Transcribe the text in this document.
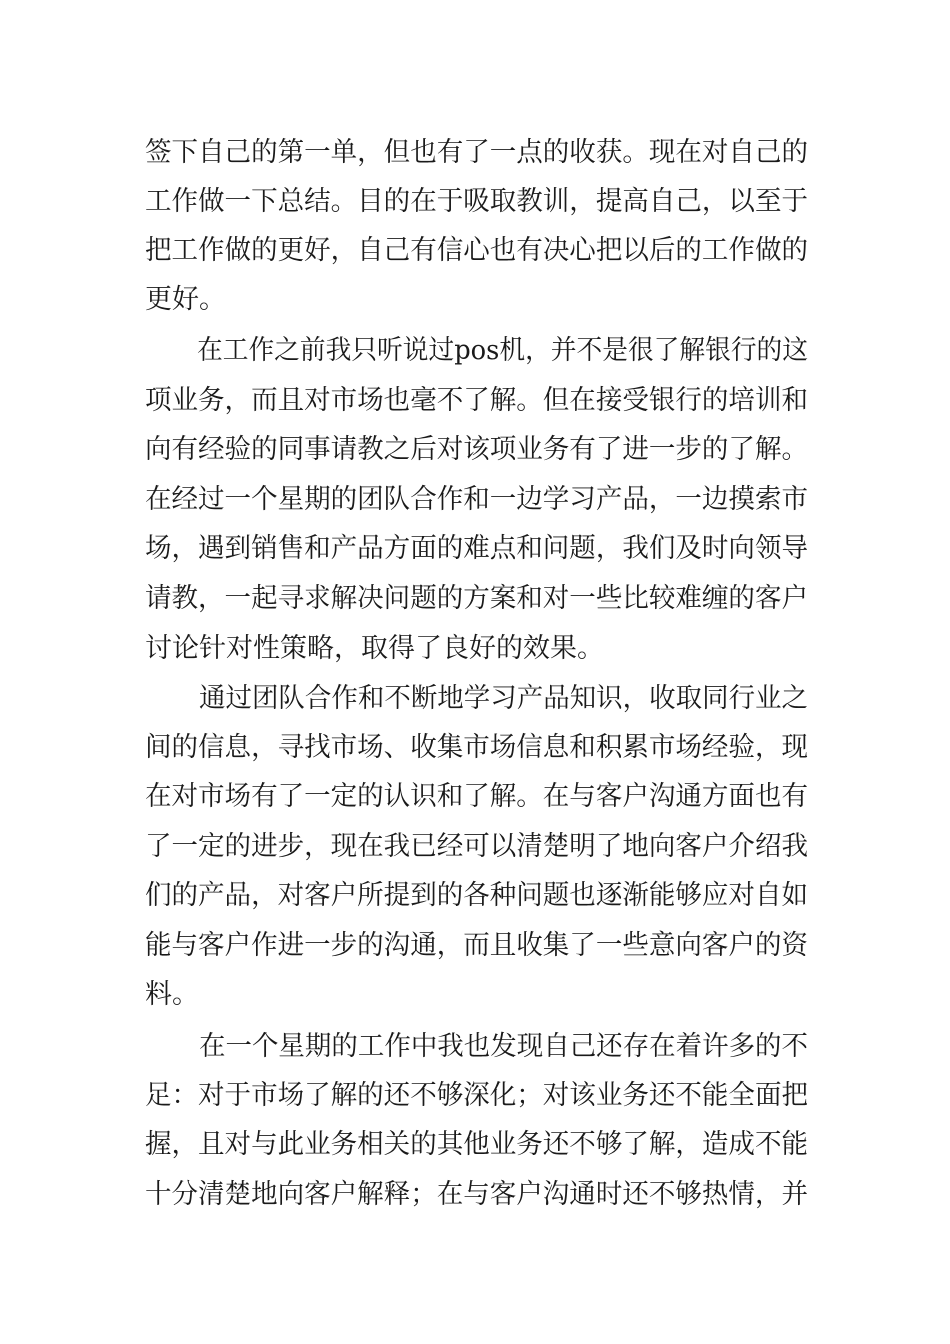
签下自己的第一单，但也有了一点的收获。现在对自己的
工作做一下总结。目的在于吸取教训，提高自己，以至于
把工作做的更好，自己有信心也有决心把以后的工作做的
更好。
在工作之前我只听说过pos机，并不是很了解银行的这
项业务，而且对市场也毫不了解。但在接受银行的培训和
向有经验的同事请教之后对该项业务有了进一步的了解。
在经过一个星期的团队合作和一边学习产品，一边摸索市
场，遇到销售和产品方面的难点和问题，我们及时向领导
请教，一起寻求解决问题的方案和对一些比较难缠的客户
讨论针对性策略，取得了良好的效果。
通过团队合作和不断地学习产品知识，收取同行业之
间的信息，寻找市场、收集市场信息和积累市场经验，现
在对市场有了一定的认识和了解。在与客户沟通方面也有
了一定的进步，现在我已经可以清楚明了地向客户介绍我
们的产品，对客户所提到的各种问题也逐渐能够应对自如
能与客户作进一步的沟通，而且收集了一些意向客户的资
料。
在一个星期的工作中我也发现自己还存在着许多的不
足：对于市场了解的还不够深化；对该业务还不能全面把
握，且对与此业务相关的其他业务还不够了解，造成不能
十分清楚地向客户解释；在与客户沟通时还不够热情，并
